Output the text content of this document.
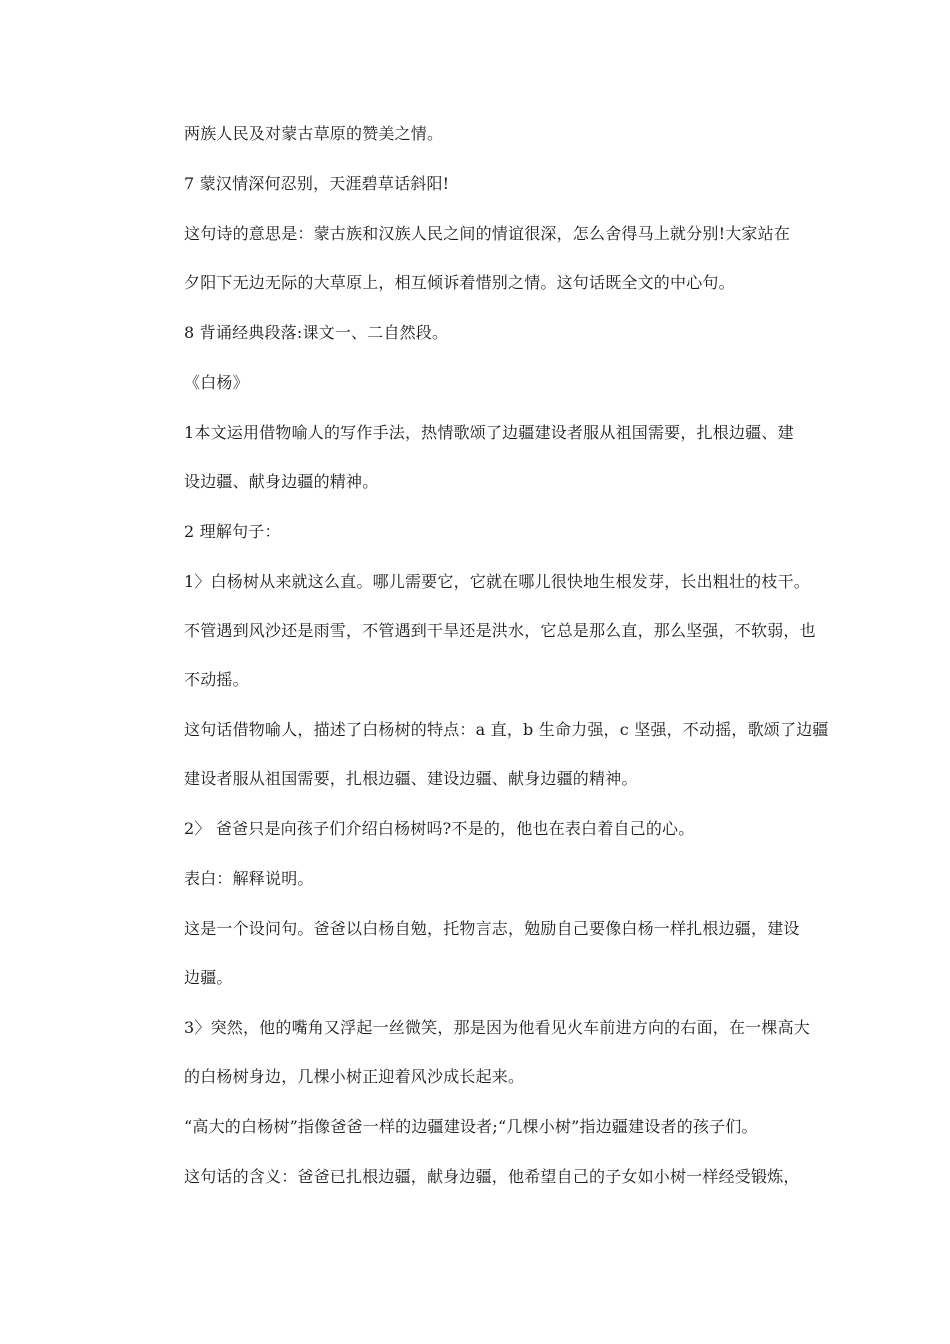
两族人民及对蒙古草原的赞美之情。
7 蒙汉情深何忍别，天涯碧草话斜阳!
这句诗的意思是：蒙古族和汉族人民之间的情谊很深，怎么舍得马上就分别!大家站在
夕阳下无边无际的大草原上，相互倾诉着惜别之情。这句话既全文的中心句。
8 背诵经典段落:课文一、二自然段。
《白杨》
1本文运用借物喻人的写作手法，热情歌颂了边疆建设者服从祖国需要，扎根边疆、建
设边疆、献身边疆的精神。
2 理解句子：
1〉白杨树从来就这么直。哪儿需要它，它就在哪儿很快地生根发芽，长出粗壮的枝干。
不管遇到风沙还是雨雪，不管遇到干旱还是洪水，它总是那么直，那么坚强，不软弱，也
不动摇。
这句话借物喻人，描述了白杨树的特点：a 直，b 生命力强，c 坚强，不动摇，歌颂了边疆
建设者服从祖国需要，扎根边疆、建设边疆、献身边疆的精神。
2〉 爸爸只是向孩子们介绍白杨树吗?不是的，他也在表白着自己的心。
表白：解释说明。
这是一个设问句。爸爸以白杨自勉，托物言志，勉励自己要像白杨一样扎根边疆，建设
边疆。
3〉突然，他的嘴角又浮起一丝微笑，那是因为他看见火车前进方向的右面，在一棵高大
的白杨树身边，几棵小树正迎着风沙成长起来。
“高大的白杨树”指像爸爸一样的边疆建设者;“几棵小树”指边疆建设者的孩子们。
这句话的含义：爸爸已扎根边疆，献身边疆，他希望自己的子女如小树一样经受锻炼，
